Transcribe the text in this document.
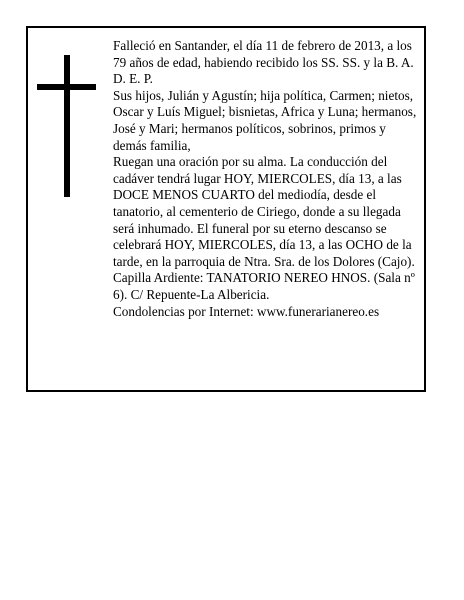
Falleció en Santander, el día 11 de febrero de 2013, a los 79 años de edad, habiendo recibido los SS. SS. y la B. A.

D. E. P.

Sus hijos, Julián y Agustín; hija política, Carmen; nietos, Oscar y Luís Miguel; bisnietas, Africa y Luna; hermanos, José y Mari; hermanos políticos, sobrinos, primos y demás familia,

Ruegan una oración por su alma. La conducción del cadáver tendrá lugar HOY, MIERCOLES, día 13, a las DOCE MENOS CUARTO del mediodía, desde el tanatorio, al cementerio de Ciriego, donde a su llegada será inhumado. El funeral por su eterno descanso se celebrará HOY, MIERCOLES, día 13, a las OCHO de la tarde, en la parroquia de Ntra. Sra. de los Dolores (Cajo). Capilla Ardiente: TANATORIO NEREO HNOS. (Sala nº 6). C/ Repuente-La Albericia.

Condolencias por Internet: www.funerarianereo.es
